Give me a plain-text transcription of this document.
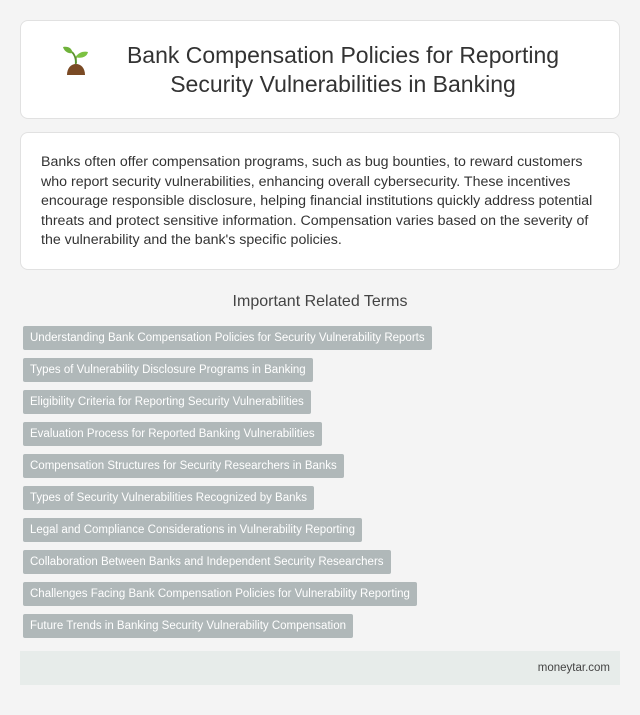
Bank Compensation Policies for Reporting Security Vulnerabilities in Banking

Banks often offer compensation programs, such as bug bounties, to reward customers who report security vulnerabilities, enhancing overall cybersecurity. These incentives encourage responsible disclosure, helping financial institutions quickly address potential threats and protect sensitive information. Compensation varies based on the severity of the vulnerability and the bank's specific policies.

Important Related Terms
Understanding Bank Compensation Policies for Security Vulnerability Reports
Types of Vulnerability Disclosure Programs in Banking
Eligibility Criteria for Reporting Security Vulnerabilities
Evaluation Process for Reported Banking Vulnerabilities
Compensation Structures for Security Researchers in Banks
Types of Security Vulnerabilities Recognized by Banks
Legal and Compliance Considerations in Vulnerability Reporting
Collaboration Between Banks and Independent Security Researchers
Challenges Facing Bank Compensation Policies for Vulnerability Reporting
Future Trends in Banking Security Vulnerability Compensation
moneytar.com
